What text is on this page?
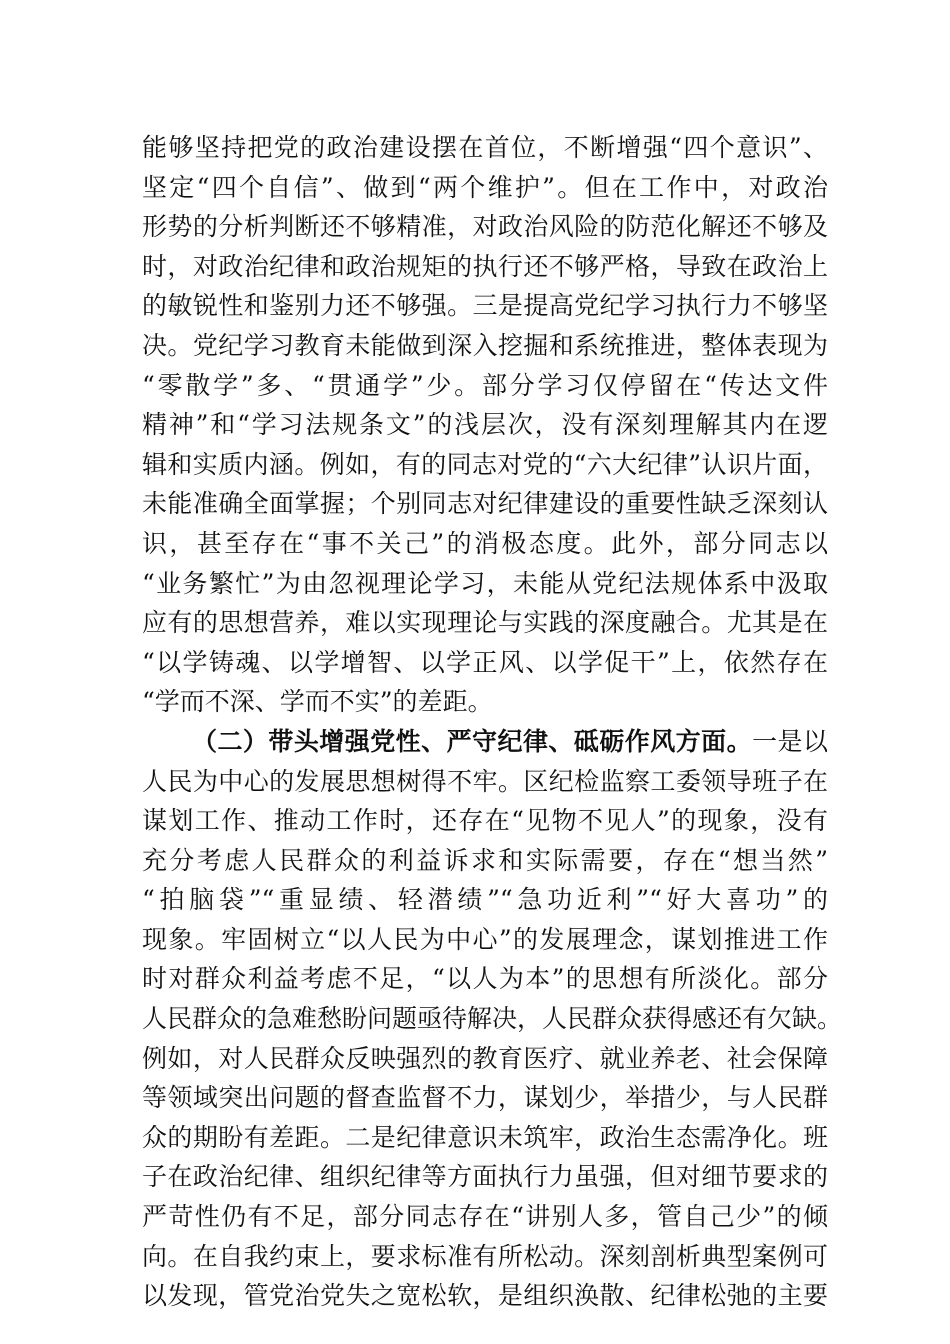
能够坚持把党的政治建设摆在首位，不断增强“四个意识”、
坚定“四个自信”、做到“两个维护”。但在工作中，对政治
形势的分析判断还不够精准，对政治风险的防范化解还不够及
时，对政治纪律和政治规矩的执行还不够严格，导致在政治上
的敏锐性和鉴别力还不够强。三是提高党纪学习执行力不够坚
决。党纪学习教育未能做到深入挖掘和系统推进，整体表现为
“零散学”多、“贯通学”少。部分学习仅停留在“传达文件
精神”和“学习法规条文”的浅层次，没有深刻理解其内在逻
辑和实质内涵。例如，有的同志对党的“六大纪律”认识片面，
未能准确全面掌握；个别同志对纪律建设的重要性缺乏深刻认
识，甚至存在“事不关己”的消极态度。此外，部分同志以
“业务繁忙”为由忽视理论学习，未能从党纪法规体系中汲取
应有的思想营养，难以实现理论与实践的深度融合。尤其是在
“以学铸魂、以学增智、以学正风、以学促干”上，依然存在
“学而不深、学而不实”的差距。
（二）带头增强党性、严守纪律、砥砺作风方面。一是以
人民为中心的发展思想树得不牢。区纪检监察工委领导班子在
谋划工作、推动工作时，还存在“见物不见人”的现象，没有
充分考虑人民群众的利益诉求和实际需要，存在“想当然”
“拍脑袋”“重显绩、轻潜绩”“急功近利”“好大喜功”的
现象。牢固树立“以人民为中心”的发展理念，谋划推进工作
时对群众利益考虑不足，“以人为本”的思想有所淡化。部分
人民群众的急难愁盼问题亟待解决，人民群众获得感还有欠缺。
例如，对人民群众反映强烈的教育医疗、就业养老、社会保障
等领域突出问题的督查监督不力，谋划少，举措少，与人民群
众的期盼有差距。二是纪律意识未筑牢，政治生态需净化。班
子在政治纪律、组织纪律等方面执行力虽强，但对细节要求的
严苛性仍有不足，部分同志存在“讲别人多，管自己少”的倾
向。在自我约束上，要求标准有所松动。深刻剖析典型案例可
以发现，管党治党失之宽松软，是组织涣散、纪律松弛的主要
